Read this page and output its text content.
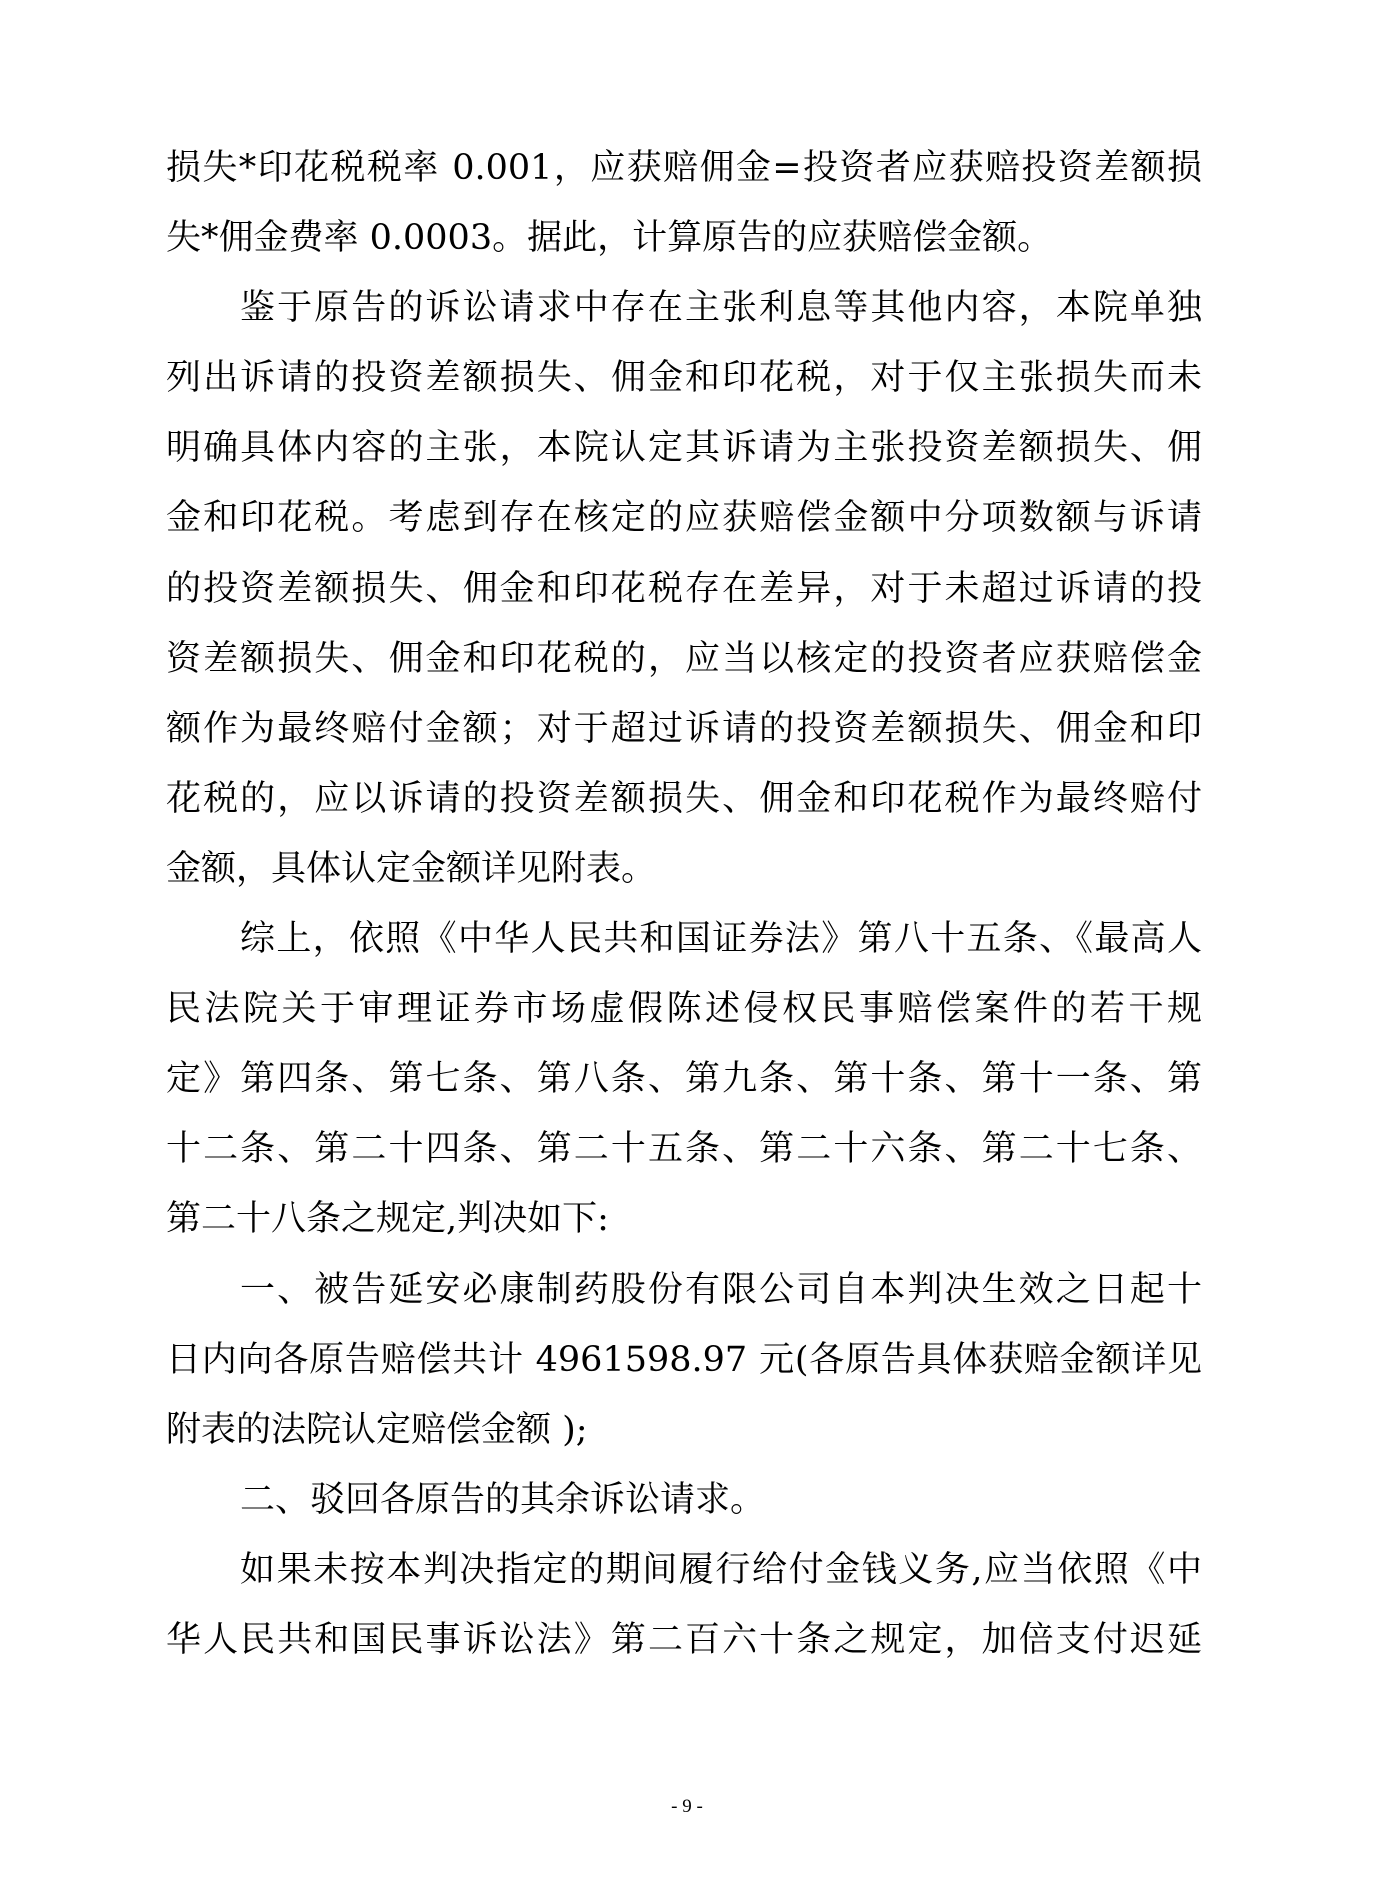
损失*印花税税率 0.001，应获赔佣金=投资者应获赔投资差额损
失*佣金费率 0.0003。据此，计算原告的应获赔偿金额。
鉴于原告的诉讼请求中存在主张利息等其他内容，本院单独
列出诉请的投资差额损失、佣金和印花税，对于仅主张损失而未
明确具体内容的主张，本院认定其诉请为主张投资差额损失、佣
金和印花税。考虑到存在核定的应获赔偿金额中分项数额与诉请
的投资差额损失、佣金和印花税存在差异，对于未超过诉请的投
资差额损失、佣金和印花税的，应当以核定的投资者应获赔偿金
额作为最终赔付金额；对于超过诉请的投资差额损失、佣金和印
花税的，应以诉请的投资差额损失、佣金和印花税作为最终赔付
金额，具体认定金额详见附表。
综上，依照《中华人民共和国证券法》第八十五条、《最高人
民法院关于审理证券市场虚假陈述侵权民事赔偿案件的若干规
定》第四条、第七条、第八条、第九条、第十条、第十一条、第
十二条、第二十四条、第二十五条、第二十六条、第二十七条、
第二十八条之规定,判决如下:
一、被告延安必康制药股份有限公司自本判决生效之日起十
日内向各原告赔偿共计 4961598.97 元(各原告具体获赔金额详见
附表的法院认定赔偿金额 );
二、驳回各原告的其余诉讼请求。
如果未按本判决指定的期间履行给付金钱义务,应当依照《中
华人民共和国民事诉讼法》第二百六十条之规定，加倍支付迟延
- 9 -
